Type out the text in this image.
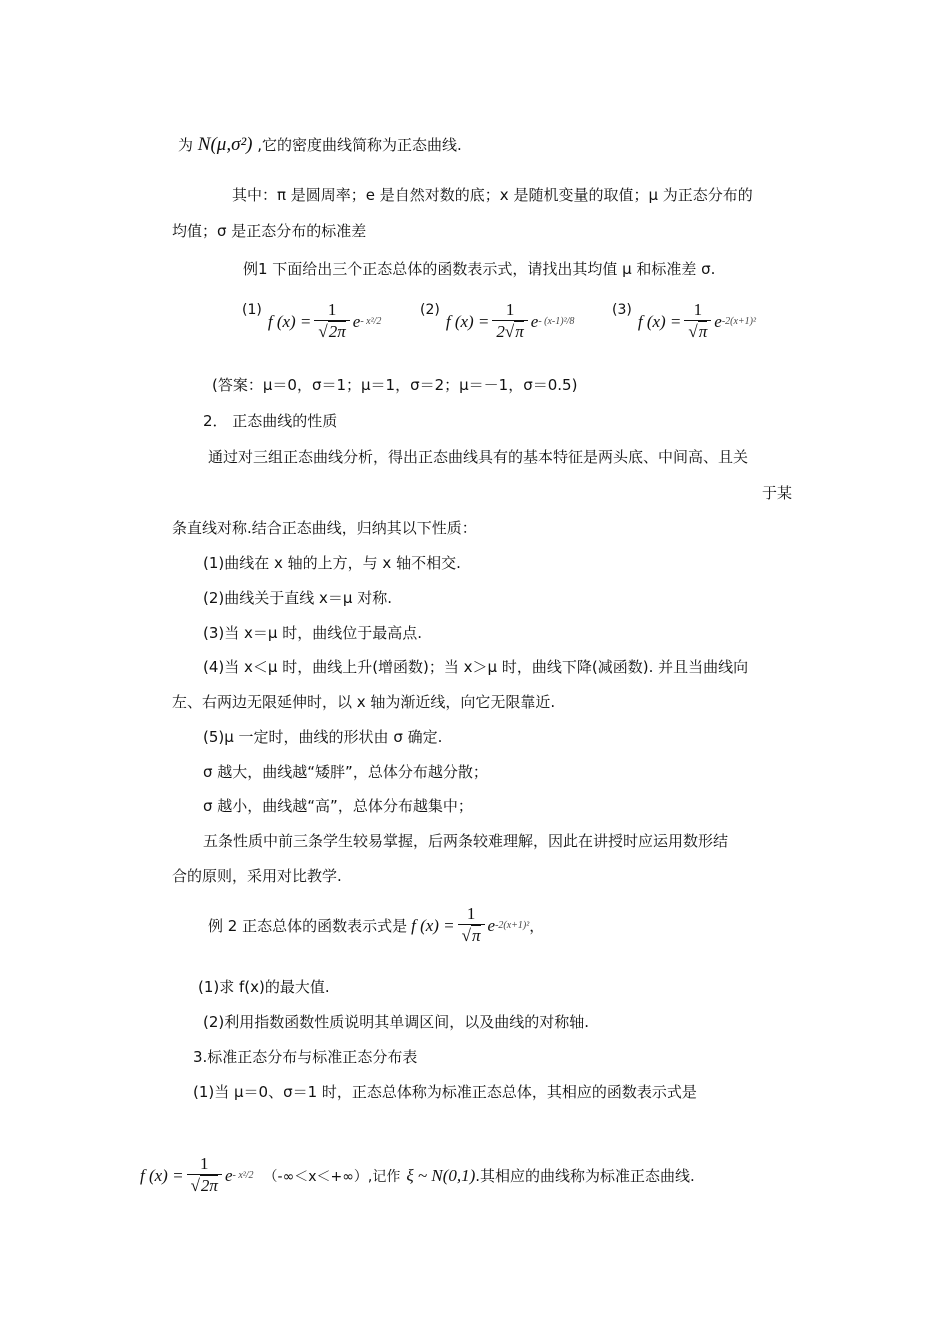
为 N(μ,σ²) ,它的密度曲线简称为正态曲线.
其中：π 是圆周率；e 是自然对数的底；x 是随机变量的取值；μ 为正态分布的
均值；σ 是正态分布的标准差
例1 下面给出三个正态总体的函数表示式，请找出其均值 μ 和标准差 σ.
(1)
f $(x) = \frac{1}{√2\pi}$ e - x²/2
(2)
f $(x) = \frac{1}{2√\pi}$ e - (x-1)²/8
(3)
f $(x) = \frac{1}{√\pi}$ e -2(x+1)²
(答案：μ＝0，σ＝1；μ＝1，σ＝2；μ＝－1，σ＝0.5)
2． 正态曲线的性质
通过对三组正态曲线分析，得出正态曲线具有的基本特征是两头底、中间高、且关
于某
条直线对称.结合正态曲线，归纳其以下性质：
(1)曲线在 x 轴的上方，与 x 轴不相交.
(2)曲线关于直线 x＝μ 对称.
(3)当 x＝μ 时，曲线位于最高点.
(4)当 x＜μ 时，曲线上升(增函数)；当 x＞μ 时，曲线下降(减函数). 并且当曲线向
左、右两边无限延伸时，以 x 轴为渐近线，向它无限靠近.
(5)μ 一定时，曲线的形状由 σ 确定.
σ 越大，曲线越“矮胖”，总体分布越分散；
σ 越小，曲线越“高”，总体分布越集中；
五条性质中前三条学生较易掌握，后两条较难理解，因此在讲授时应运用数形结
合的原则，采用对比教学.
例 2 正态总体的函数表示式是 f $(x) = \frac{1}{√\pi}$ e -2(x+1)² ，
(1)求 f(x)的最大值.
(2)利用指数函数性质说明其单调区间，以及曲线的对称轴.
3.标准正态分布与标准正态分布表
(1)当 μ＝0、σ＝1 时，正态总体称为标准正态总体，其相应的函数表示式是
f $(x) = \frac{1}{√2\pi}$ e - x²/2 （-∞＜x＜+∞）,记作 ξ ~ N(0,1) .其相应的曲线称为标准正态曲线.
